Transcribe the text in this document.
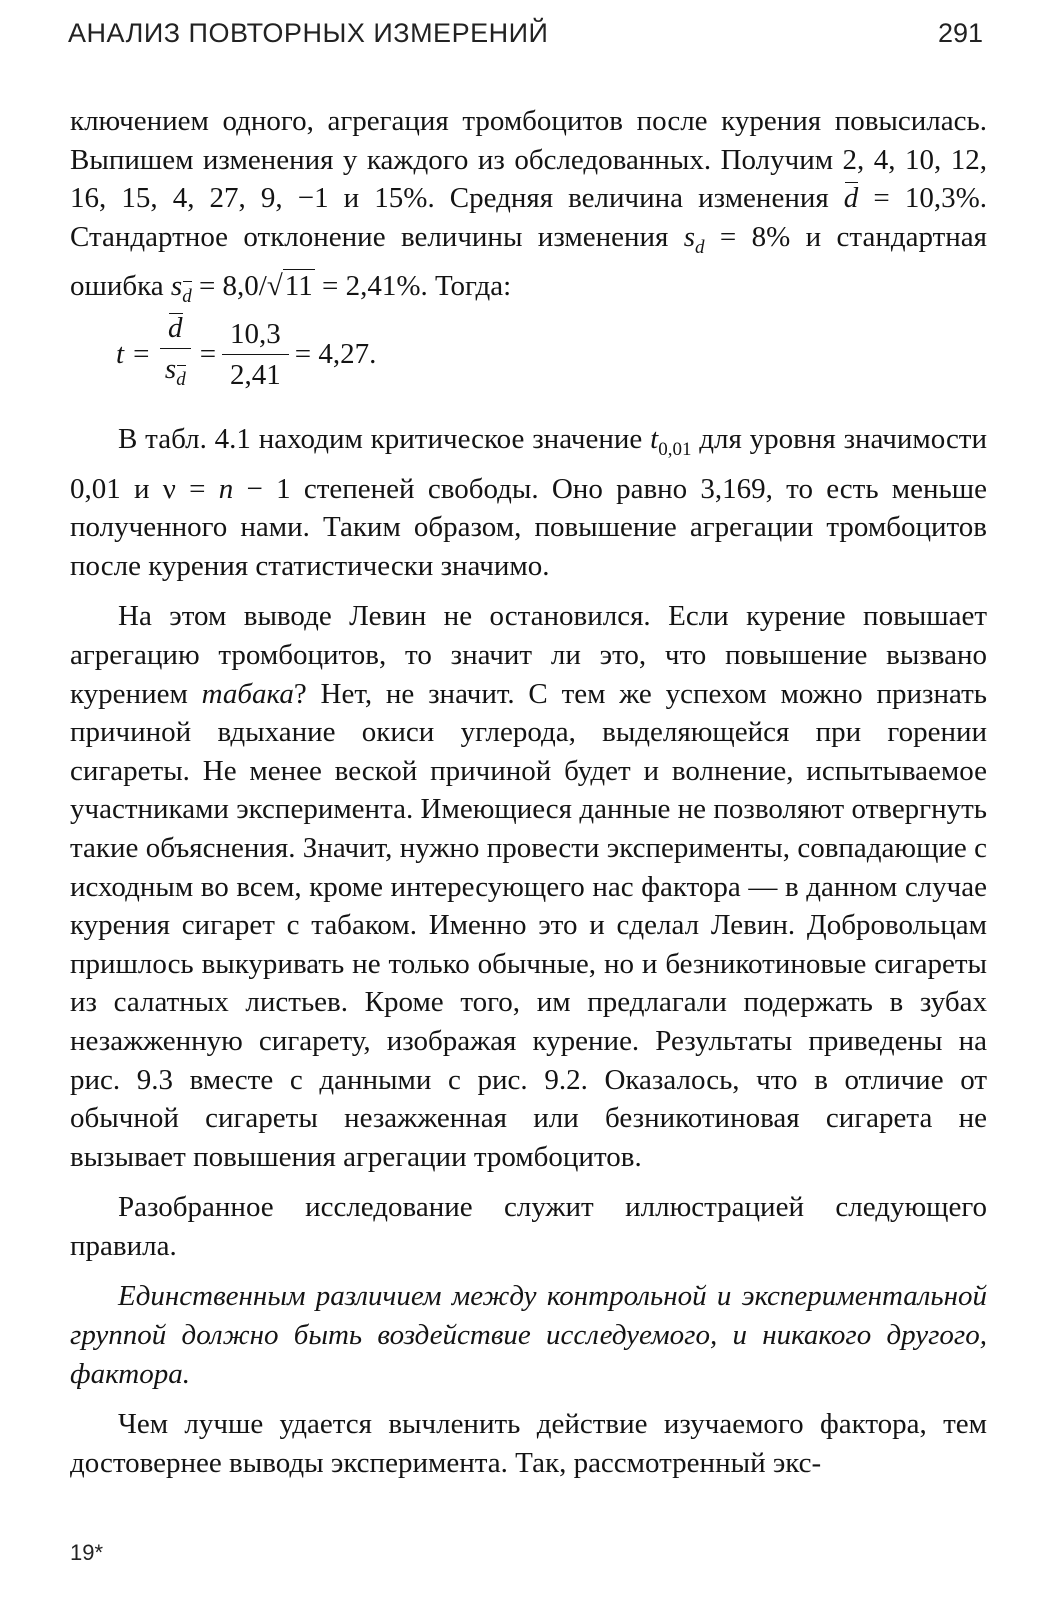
АНАЛИЗ ПОВТОРНЫХ ИЗМЕРЕНИЙ	291

ключением одного, агрегация тромбоцитов после курения повысилась. Выпишем изменения у каждого из обследованных. Получим 2, 4, 10, 12, 16, 15, 4, 27, 9, −1 и 15%. Средняя величина изменения d = 10,3%. Стандартное отклонение величины изменения $s_d = 8\%$ и стандартная ошибка sd = 8,0/√11 = 2,41%. Тогда:

$t = \frac{d}{sd} = \frac{10,3}{2,41} = 4,27$.

В табл. 4.1 находим критическое значение $t_{0,01}$ для уровня значимости 0,01 и ν = n − 1 степеней свободы. Оно равно 3,169, то есть меньше полученного нами. Таким образом, повышение агрегации тромбоцитов после курения статистически значимо.

На этом выводе Левин не остановился. Если курение повышает агрегацию тромбоцитов, то значит ли это, что повышение вызвано курением табака? Нет, не значит. С тем же успехом можно признать причиной вдыхание окиси углерода, выделяющейся при горении сигареты. Не менее веской причиной будет и волнение, испытываемое участниками эксперимента. Имеющиеся данные не позволяют отвергнуть такие объяснения. Значит, нужно провести эксперименты, совпадающие с исходным во всем, кроме интересующего нас фактора — в данном случае курения сигарет с табаком. Именно это и сделал Левин. Добровольцам пришлось выкуривать не только обычные, но и безникотиновые сигареты из салатных листьев. Кроме того, им предлагали подержать в зубах незажженную сигарету, изображая курение. Результаты приведены на рис. 9.3 вместе с данными с рис. 9.2. Оказалось, что в отличие от обычной сигареты незажженная или безникотиновая сигарета не вызывает повышения агрегации тромбоцитов.

Разобранное исследование служит иллюстрацией следующего правила.

Единственным различием между контрольной и экспериментальной группой должно быть воздействие исследуемого, и никакого другого, фактора.

Чем лучше удается вычленить действие изучаемого фактора, тем достовернее выводы эксперимента. Так, рассмотренный экс-

19*
